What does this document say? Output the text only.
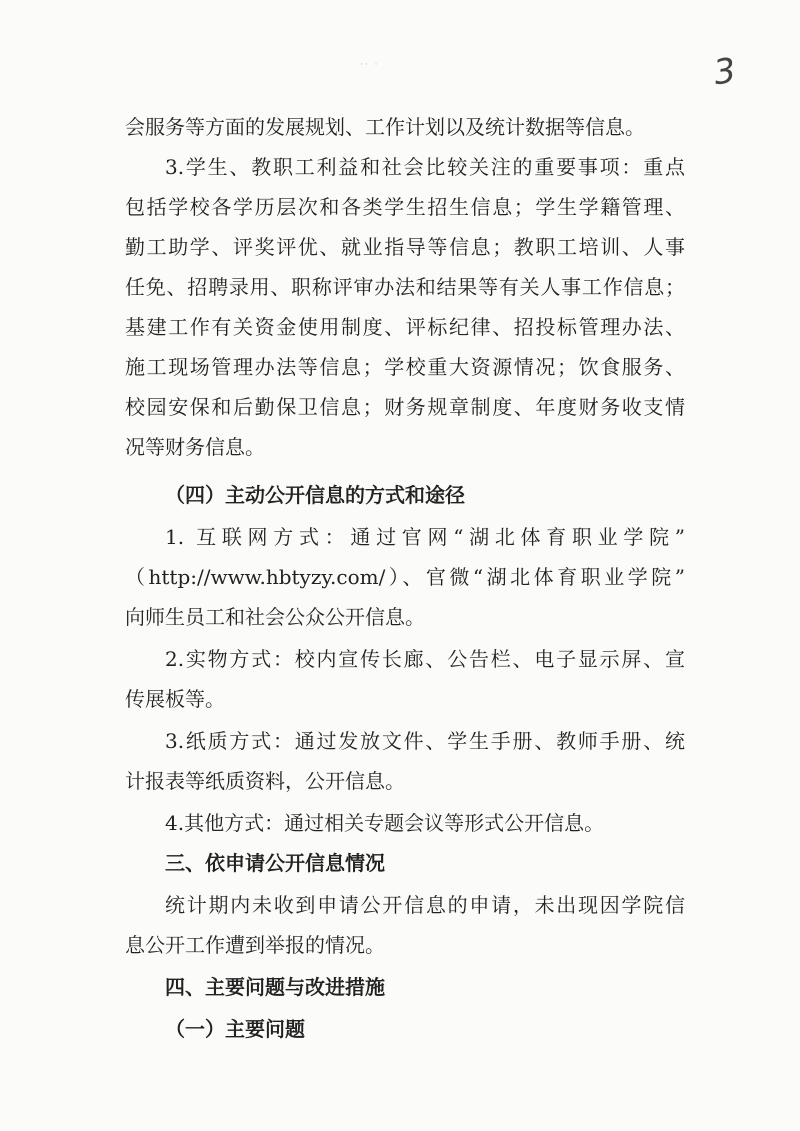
·· ·	3
会服务等方面的发展规划、工作计划以及统计数据等信息。
3.学生、教职工利益和社会比较关注的重要事项：重点
包括学校各学历层次和各类学生招生信息；学生学籍管理、
勤工助学、评奖评优、就业指导等信息；教职工培训、人事
任免、招聘录用、职称评审办法和结果等有关人事工作信息；
基建工作有关资金使用制度、评标纪律、招投标管理办法、
施工现场管理办法等信息；学校重大资源情况；饮食服务、
校园安保和后勤保卫信息；财务规章制度、年度财务收支情
况等财务信息。
（四）主动公开信息的方式和途径
1. 互联网方式：通过官网“湖北体育职业学院”
（http://www.hbtyzy.com/）、官微“湖北体育职业学院”
向师生员工和社会公众公开信息。
2.实物方式：校内宣传长廊、公告栏、电子显示屏、宣
传展板等。
3.纸质方式：通过发放文件、学生手册、教师手册、统
计报表等纸质资料，公开信息。
4.其他方式：通过相关专题会议等形式公开信息。
三、依申请公开信息情况
统计期内未收到申请公开信息的申请，未出现因学院信
息公开工作遭到举报的情况。
四、主要问题与改进措施
（一）主要问题
